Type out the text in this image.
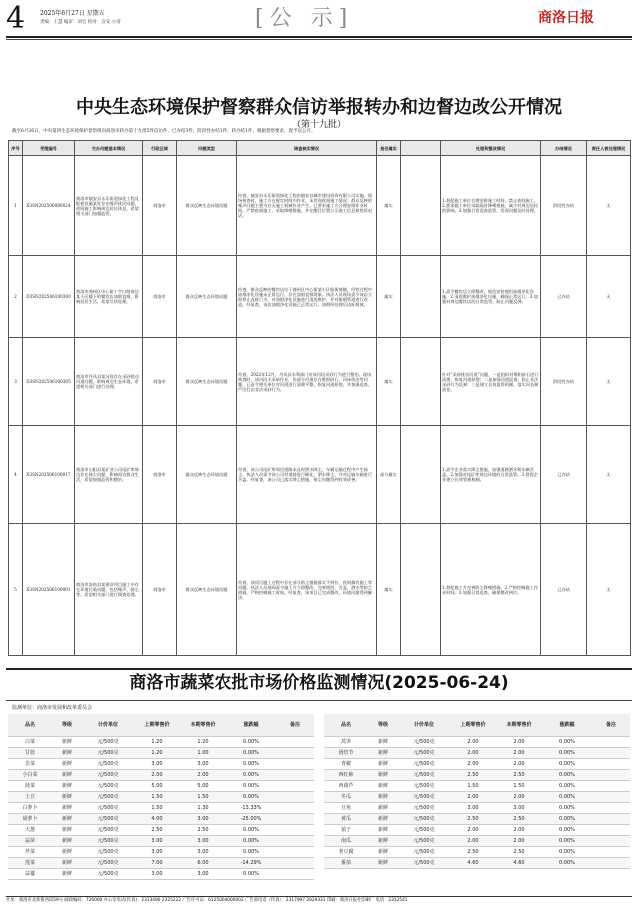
4 2025年6月27日 星期五
责编：王慧 编审：刘宏 校对：宣安 小清	[公 示]	商洛日报
中央生态环境保护督察群众信访举报转办和边督边改公开情况
（第十九批）
截至6月26日，中央第四生态环境保护督察组向商洛市转办第十九批5件信访件，已办结3件，阶段性办结1件，转办结1件，根据督察要求，现予以公开。
序号	受理编号	交办问题基本情况	行政区域	问题类型	调查核实情况	是否属实		处理和整改情况	办结情况	责任人被处理情况
1	X3SN202506080024	商洛市镇安县永乐街道绿化工程及配套设施某处存在噪声扰民问题，夜间施工影响周边居民休息，希望相关部门加强监管。	商洛市	群众反映生态环境问题	经查，镇安县永乐街道绿化工程由镇安县城市建设投资有限公司实施。现场核查时，施工方在规定时间内作业，未发现夜间施工情况；群众反映的噪声问题主要为白天施工机械作业产生。已要求施工方合理安排作业时间，严禁夜间施工，采取降噪措施，并在醒目位置公示施工信息和投诉电话。	属实		1.督促施工单位合理安排施工时间，禁止夜间施工。2.要求施工单位采取隔音降噪措施，减少对周边居民的影响。3.加强日常巡查监管，发现问题及时处理。	阶段性办结	无
2	D3SN202506100300	商洛市商州区中心街十字口路南边某小区楼下的餐饮店油烟直排，影响居民生活，希望尽快处理。	商洛市	群众反映生态环境问题	经查，群众反映的餐饮店位于商州区中心街某小区临街商铺，经营过程中油烟净化设施未正常运行，存在油烟直排现象。执法人员现场责令该店立即停止直排行为，对油烟净化设施进行清洗维护，并对排烟管道进行改造。经复查，该店油烟净化设施已正常运行，油烟经处理后达标排放。	属实		1.责令餐饮店立即整改，规范安装使用油烟净化设施。2.清洗维护油烟净化设施，确保正常运行。3.加强对周边餐饮店的日常监管，防止问题反弹。	已办结	无
3	D3SN202506100305	商洛市丹凤县某河段存在采砂扰动河道问题，影响周边生态环境，希望相关部门进行处理。	商洛市	群众反映生态环境问题	经查，2022年12月，丹凤县水利部门对该河段采砂行为进行整治。现场核查时，该河段无采砂作业，但部分河道存在堆积砂石、河床扰动等问题。已责令相关单位对河道进行清理平整，恢复河道原貌，并加强巡查，严厉打击非法采砂行为。	属实		针对“采砂扰动河道”问题，一是组织对堆积砂石进行清理，恢复河道原貌；二是加强河道巡查，防止非法采砂行为反弹；三是建立长效监管机制，落实河长制责任。	阶段性办结	无
4	X3SN202506100017	商洛市山阳县某矿业公司尾矿库周边存在扬尘问题，影响周边群众生活，希望加强监管和整治。	商洛市	群众反映生态环境问题	经查，该公司尾矿库周边道路未及时洒水降尘，车辆运输过程中产生扬尘。执法人员责令该公司对道路进行硬化、洒水降尘，并对运输车辆进行苫盖。经复查，该公司已落实降尘措施，扬尘问题得到有效改善。	部分属实		1.责令企业落实降尘措施，加强道路洒水和车辆苫盖。2.加强对尾矿库周边环境的日常监管。3.督促企业建立长效管理机制。	已办结	无
5	X3SN202506100001	商洛市洛南县某建设项目施工中存在环境污染问题，包括噪声、扬尘等，希望相关部门进行调查处理。	商洛市	群众反映生态环境问题	经查，该项目施工过程中存在部分防尘措施落实不到位、夜间偶有施工等问题。执法人员现场责令施工方立即整改，完善围挡、苫盖、洒水等防尘措施，严格控制施工时间。经复查，该项目已完成整改，环境问题得到解决。	属实		1.督促施工方完善防尘降噪措施。2.严格控制施工作业时间。3.加强日常巡查，确保整改到位。	已办结	无
商洛市蔬菜农批市场价格监测情况(2025-06-24)
监测单位：商洛市发展和改革委员会
品名	等级	计价单位	上期零售价	本期零售价	涨跌幅	备注
白菜	新鲜	元/500克	1.20	1.20	0.00%	
甘蓝	新鲜	元/500克	1.20	1.00	0.00%	
韭菜	新鲜	元/500克	3.00	3.00	0.00%	
小白菜	新鲜	元/500克	2.00	2.00	0.00%	
菠菜	新鲜	元/500克	5.00	5.00	0.00%	
土豆	新鲜	元/500克	1.50	1.50	0.00%	
白萝卜	新鲜	元/500克	1.50	1.30	-13.33%	
胡萝卜	新鲜	元/500克	4.00	3.00	-25.00%	
大葱	新鲜	元/500克	2.50	2.50	0.00%	
蒜苗	新鲜	元/500克	3.00	3.00	0.00%	
芹菜	新鲜	元/500克	3.00	3.00	0.00%	
莲菜	新鲜	元/500克	7.00	6.00	-14.29%	
蒜薹	新鲜	元/500克	3.00	3.00	0.00%	
品名	等级	计价单位	上期零售价	本期零售价	涨跌幅	备注
莴笋	新鲜	元/500克	2.00	2.00	0.00%	
团结节	新鲜	元/500克	2.00	2.00	0.00%	
青椒	新鲜	元/500克	2.00	2.00	0.00%	
西红柿	新鲜	元/500克	2.50	2.50	0.00%	
西葫芦	新鲜	元/500克	1.50	1.50	0.00%	
冬瓜	新鲜	元/500克	2.00	2.00	0.00%	
豆角	新鲜	元/500克	3.00	3.00	0.00%	
黄瓜	新鲜	元/500克	2.50	2.50	0.00%	
茄子	新鲜	元/500克	2.00	2.00	0.00%	
南瓜	新鲜	元/500克	2.00	2.00	0.00%	
老豆腐	新鲜	元/500克	2.50	2.50	0.00%	
番茄	新鲜	元/500克	4.60	4.60	0.00%	
社址：商洛市北新街西段59号 邮政编码：726000 办公室电话(传真)：2313490 2325222 广告许可证：6125004000002 广告部电话（传真）：2317997 2829331 印刷：商洛日报社印刷厂 电话：2312541
